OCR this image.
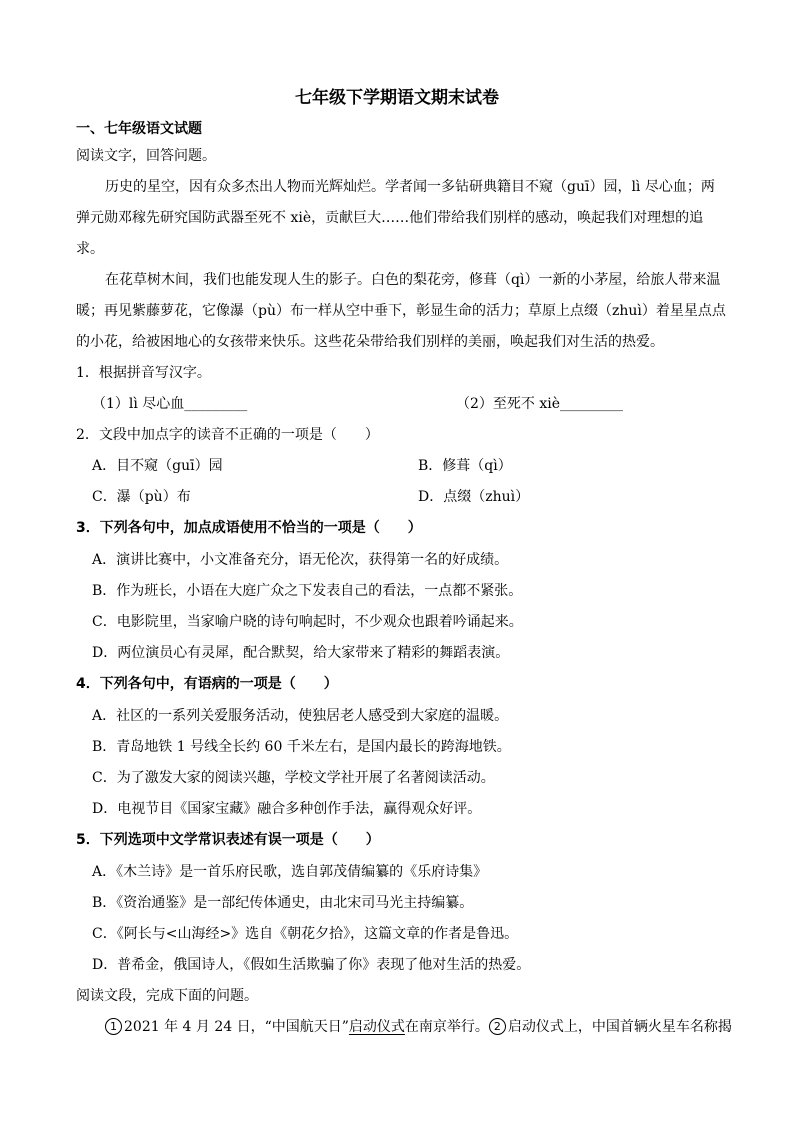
七年级下学期语文期末试卷
一、七年级语文试题
阅读文字，回答问题。
历史的星空，因有众多杰出人物而光辉灿烂。学者闻一多钻研典籍目不窥（guī）园，lì 尽心血；两
弹元勋邓稼先研究国防武器至死不 xiè，贡献巨大……他们带给我们别样的感动，唤起我们对理想的追
求。
在花草树木间，我们也能发现人生的影子。白色的梨花旁，修葺（qì）一新的小茅屋，给旅人带来温
暖；再见紫藤萝花，它像瀑（pù）布一样从空中垂下，彰显生命的活力；草原上点缀（zhuì）着星星点点
的小花，给被困地心的女孩带来快乐。这些花朵带给我们别样的美丽，唤起我们对生活的热爱。
1．根据拼音写汉字。
（1）lì 尽心血_________	（2）至死不 xiè_________
2．文段中加点字的读音不正确的一项是（　　）
A．目不窥（guī）园	B．修葺（qì）
C．瀑（pù）布	D．点缀（zhuì）
3．下列各句中，加点成语使用不恰当的一项是（　　）
A．演讲比赛中，小文准备充分，语无伦次，获得第一名的好成绩。
B．作为班长，小语在大庭广众之下发表自己的看法，一点都不紧张。
C．电影院里，当家喻户晓的诗句响起时，不少观众也跟着吟诵起来。
D．两位演员心有灵犀，配合默契，给大家带来了精彩的舞蹈表演。
4．下列各句中，有语病的一项是（　　）
A．社区的一系列关爱服务活动，使独居老人感受到大家庭的温暖。
B．青岛地铁 1 号线全长约 60 千米左右，是国内最长的跨海地铁。
C．为了激发大家的阅读兴趣，学校文学社开展了名著阅读活动。
D．电视节目《国家宝藏》融合多种创作手法，赢得观众好评。
5．下列选项中文学常识表述有误一项是（　　）
A．《木兰诗》是一首乐府民歌，选自郭茂倩编纂的《乐府诗集》
B．《资治通鉴》是一部纪传体通史，由北宋司马光主持编纂。
C．《阿长与<山海经>》选自《朝花夕拾》，这篇文章的作者是鲁迅。
D．普希金，俄国诗人，《假如生活欺骗了你》表现了他对生活的热爱。
阅读文段，完成下面的问题。
1 2021 年 4 月 24 日，“中国航天日”启动仪式在南京举行。 2 启动仪式上，中国首辆火星车名称揭
